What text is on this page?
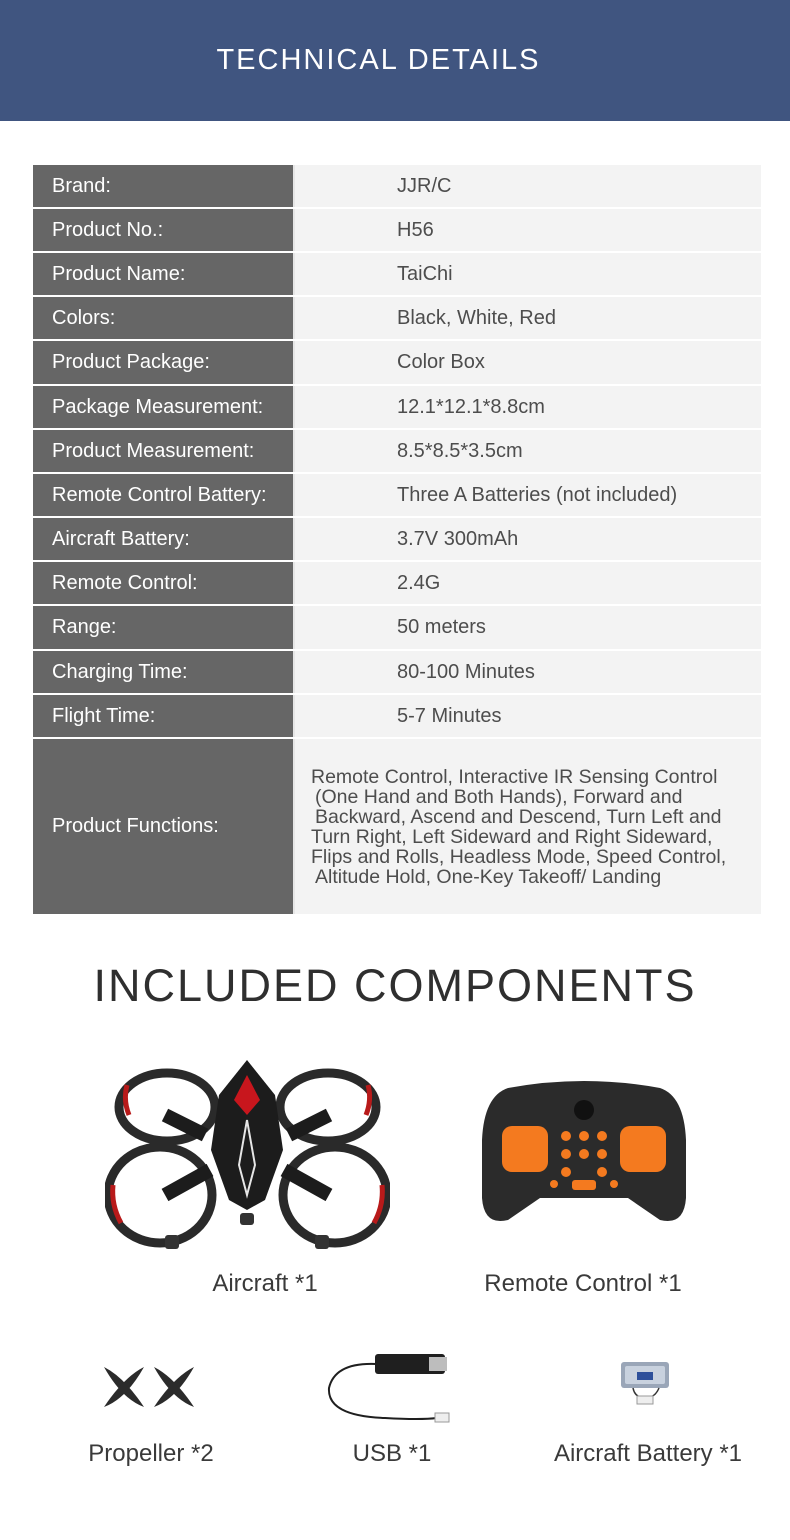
TECHNICAL DETAILS
Brand:	JJR/C
Product No.:	H56
Product Name:	TaiChi
Colors:	Black, White, Red
Product Package:	Color Box
Package Measurement:	12.1*12.1*8.8cm
Product Measurement:	8.5*8.5*3.5cm
Remote Control Battery:	Three A Batteries (not included)
Aircraft Battery:	3.7V 300mAh
Remote Control:	2.4G
Range:	50 meters
Charging Time:	80-100 Minutes
Flight Time:	5-7 Minutes
Product Functions:
Remote Control, Interactive IR Sensing Control
(One Hand and Both Hands), Forward and
Backward, Ascend and Descend, Turn Left and
Turn Right, Left Sideward and Right Sideward,
Flips and Rolls, Headless Mode, Speed Control,
Altitude Hold, One-Key Takeoff/ Landing
INCLUDED COMPONENTS
Aircraft *1	Remote Control *1
Propeller *2	USB *1	Aircraft Battery *1
